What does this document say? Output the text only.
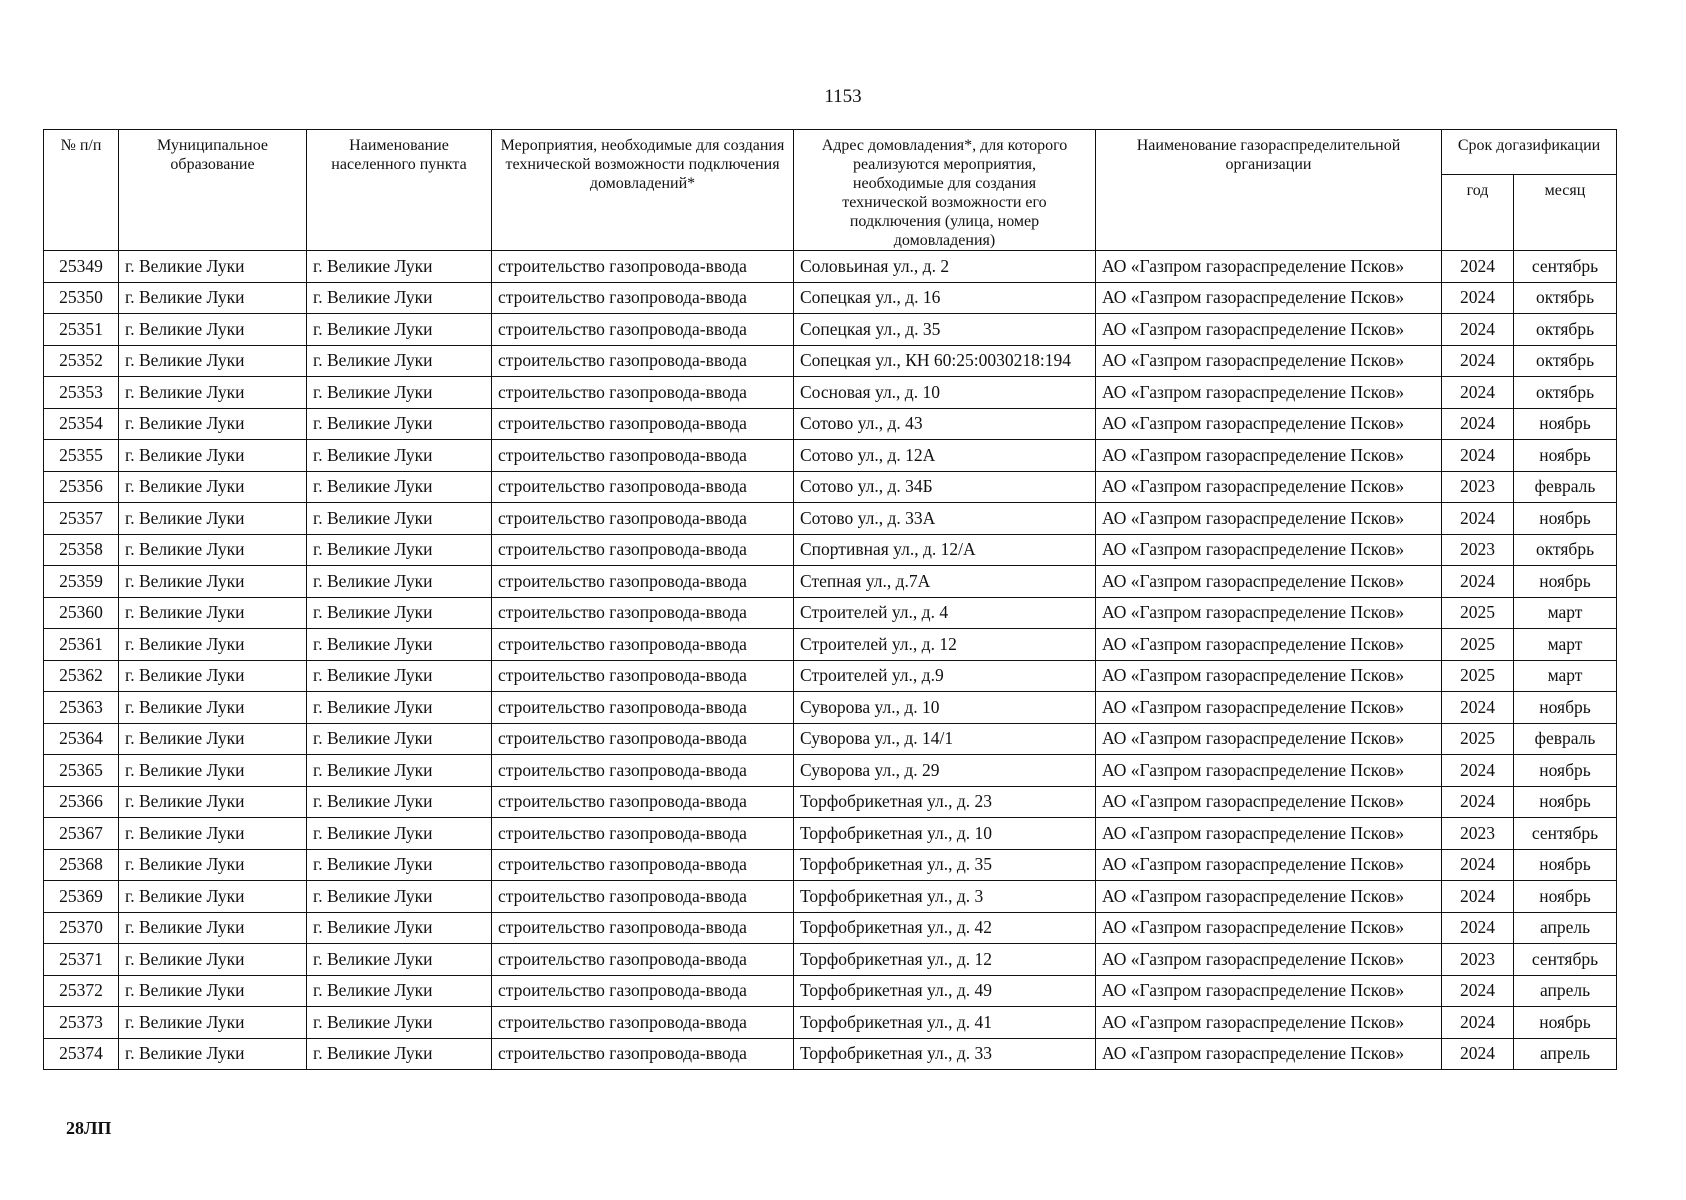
1153
№ п/п	Муниципальное образование	Наименование населенного пункта	Мероприятия, необходимые для создания технической возможности подключения домовладений*	Адрес домовладения*, для которого реализуются мероприятия, необходимые для создания технической возможности его подключения (улица, номер домовладения)	Наименование газораспределительной организации	Срок догазификации	
						год	месяц
25349	г. Великие Луки	г. Великие Луки	строительство газопровода-ввода	Соловьиная ул., д. 2	АО «Газпром газораспределение Псков»	2024	сентябрь
25350	г. Великие Луки	г. Великие Луки	строительство газопровода-ввода	Сопецкая ул., д. 16	АО «Газпром газораспределение Псков»	2024	октябрь
25351	г. Великие Луки	г. Великие Луки	строительство газопровода-ввода	Сопецкая ул., д. 35	АО «Газпром газораспределение Псков»	2024	октябрь
25352	г. Великие Луки	г. Великие Луки	строительство газопровода-ввода	Сопецкая ул., КН 60:25:0030218:194	АО «Газпром газораспределение Псков»	2024	октябрь
25353	г. Великие Луки	г. Великие Луки	строительство газопровода-ввода	Сосновая ул., д. 10	АО «Газпром газораспределение Псков»	2024	октябрь
25354	г. Великие Луки	г. Великие Луки	строительство газопровода-ввода	Сотово ул., д. 43	АО «Газпром газораспределение Псков»	2024	ноябрь
25355	г. Великие Луки	г. Великие Луки	строительство газопровода-ввода	Сотово ул., д. 12А	АО «Газпром газораспределение Псков»	2024	ноябрь
25356	г. Великие Луки	г. Великие Луки	строительство газопровода-ввода	Сотово ул., д. 34Б	АО «Газпром газораспределение Псков»	2023	февраль
25357	г. Великие Луки	г. Великие Луки	строительство газопровода-ввода	Сотово ул., д. 33А	АО «Газпром газораспределение Псков»	2024	ноябрь
25358	г. Великие Луки	г. Великие Луки	строительство газопровода-ввода	Спортивная ул., д. 12/А	АО «Газпром газораспределение Псков»	2023	октябрь
25359	г. Великие Луки	г. Великие Луки	строительство газопровода-ввода	Степная ул., д.7А	АО «Газпром газораспределение Псков»	2024	ноябрь
25360	г. Великие Луки	г. Великие Луки	строительство газопровода-ввода	Строителей ул., д. 4	АО «Газпром газораспределение Псков»	2025	март
25361	г. Великие Луки	г. Великие Луки	строительство газопровода-ввода	Строителей ул., д. 12	АО «Газпром газораспределение Псков»	2025	март
25362	г. Великие Луки	г. Великие Луки	строительство газопровода-ввода	Строителей ул., д.9	АО «Газпром газораспределение Псков»	2025	март
25363	г. Великие Луки	г. Великие Луки	строительство газопровода-ввода	Суворова ул., д. 10	АО «Газпром газораспределение Псков»	2024	ноябрь
25364	г. Великие Луки	г. Великие Луки	строительство газопровода-ввода	Суворова ул., д. 14/1	АО «Газпром газораспределение Псков»	2025	февраль
25365	г. Великие Луки	г. Великие Луки	строительство газопровода-ввода	Суворова ул., д. 29	АО «Газпром газораспределение Псков»	2024	ноябрь
25366	г. Великие Луки	г. Великие Луки	строительство газопровода-ввода	Торфобрикетная ул., д. 23	АО «Газпром газораспределение Псков»	2024	ноябрь
25367	г. Великие Луки	г. Великие Луки	строительство газопровода-ввода	Торфобрикетная ул., д. 10	АО «Газпром газораспределение Псков»	2023	сентябрь
25368	г. Великие Луки	г. Великие Луки	строительство газопровода-ввода	Торфобрикетная ул., д. 35	АО «Газпром газораспределение Псков»	2024	ноябрь
25369	г. Великие Луки	г. Великие Луки	строительство газопровода-ввода	Торфобрикетная ул., д. 3	АО «Газпром газораспределение Псков»	2024	ноябрь
25370	г. Великие Луки	г. Великие Луки	строительство газопровода-ввода	Торфобрикетная ул., д. 42	АО «Газпром газораспределение Псков»	2024	апрель
25371	г. Великие Луки	г. Великие Луки	строительство газопровода-ввода	Торфобрикетная ул., д. 12	АО «Газпром газораспределение Псков»	2023	сентябрь
25372	г. Великие Луки	г. Великие Луки	строительство газопровода-ввода	Торфобрикетная ул., д. 49	АО «Газпром газораспределение Псков»	2024	апрель
25373	г. Великие Луки	г. Великие Луки	строительство газопровода-ввода	Торфобрикетная ул., д. 41	АО «Газпром газораспределение Псков»	2024	ноябрь
25374	г. Великие Луки	г. Великие Луки	строительство газопровода-ввода	Торфобрикетная ул., д. 33	АО «Газпром газораспределение Псков»	2024	апрель
28ЛП
